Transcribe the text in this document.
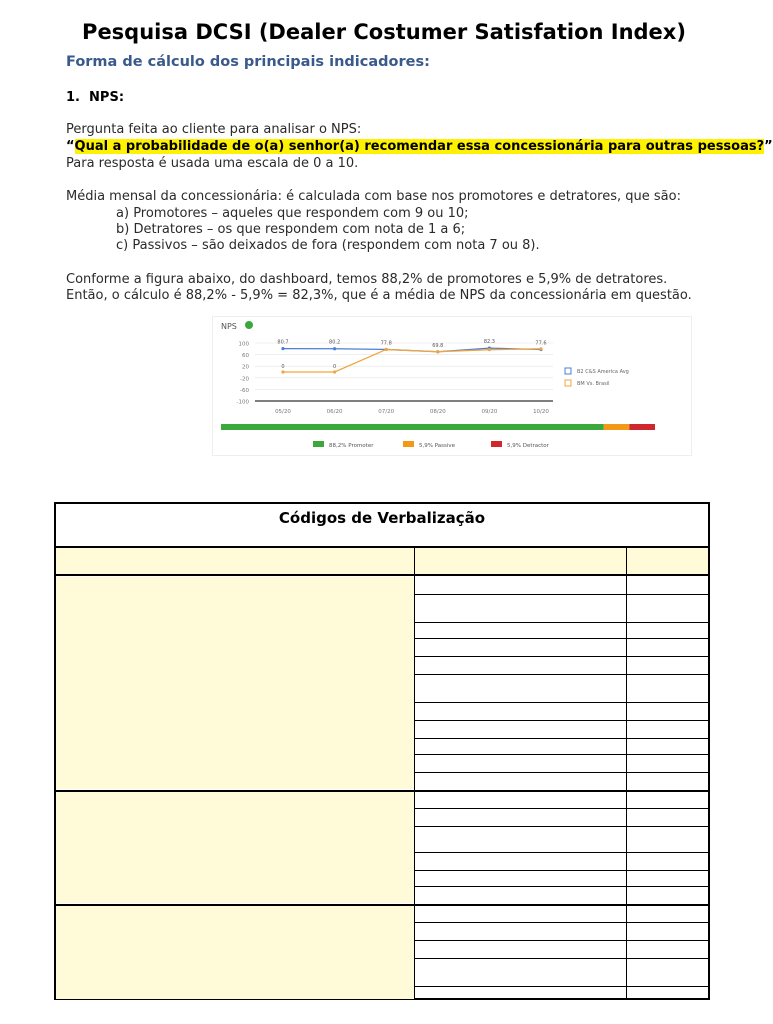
Pesquisa DCSI (Dealer Costumer Satisfation Index)
Forma de cálculo dos principais indicadores:
1. NPS:
Pergunta feita ao cliente para analisar o NPS:
“Qual a probabilidade de o(a) senhor(a) recomendar essa concessionária para outras pessoas?”
Para resposta é usada uma escala de 0 a 10.
Média mensal da concessionária: é calculada com base nos promotores e detratores, que são:
a) Promotores – aqueles que respondem com 9 ou 10;
b) Detratores – os que respondem com nota de 1 a 6;
c) Passivos – são deixados de fora (respondem com nota 7 ou 8).
Conforme a figura abaixo, do dashboard, temos 88,2% de promotores e 5,9% de detratores.
Então, o cálculo é 88,2% - 5,9% = 82,3%, que é a média de NPS da concessionária em questão.
NPS
100
60
20
-20
-60
-100
05/20	06/20	07/20	08/20	09/20	10/20
80.7	80.2	77.8	69.8
82.3	77.6
0	0
B2 C&S America Avg
BM Vs. Brasil
88,2% Promoter	5,9% Passive	5,9% Detractor
Códigos de Verbalização
